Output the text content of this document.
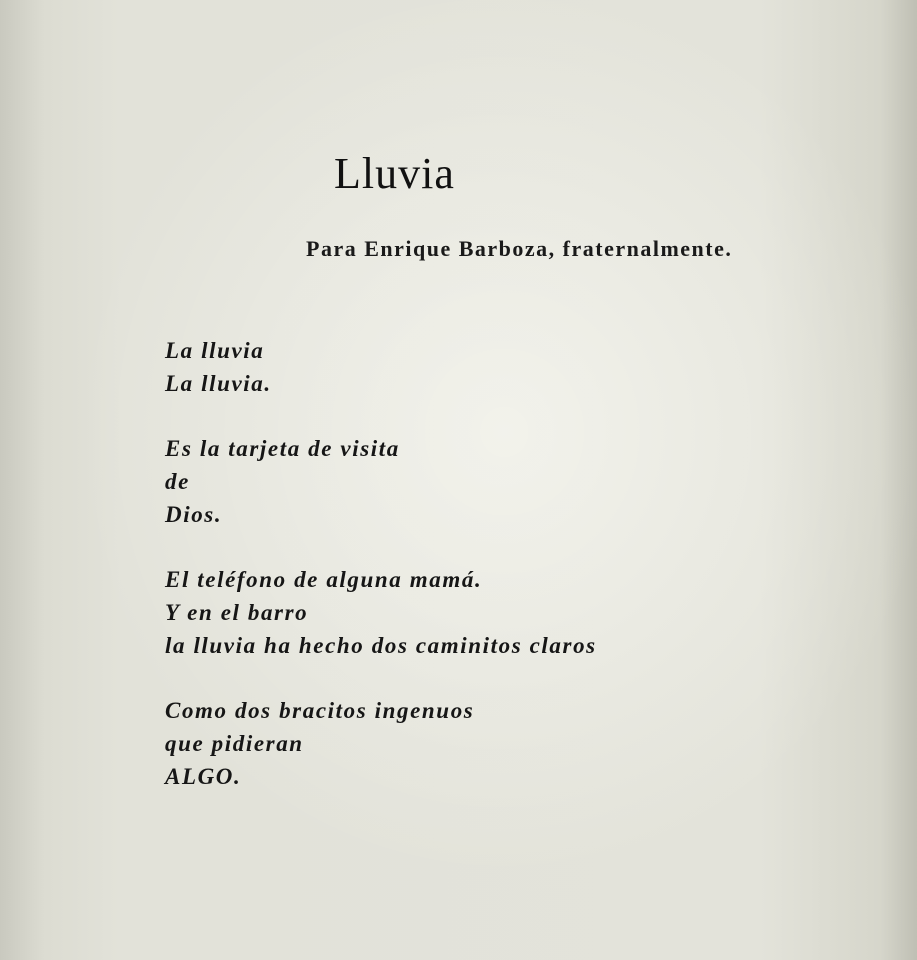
Lluvia

Para Enrique Barboza, fraternalmente.

La lluvia
La lluvia.
Es la tarjeta de visita
de
Dios.
El teléfono de alguna mamá.
Y en el barro
la lluvia ha hecho dos caminitos claros
Como dos bracitos ingenuos
que pidieran
ALGO.
